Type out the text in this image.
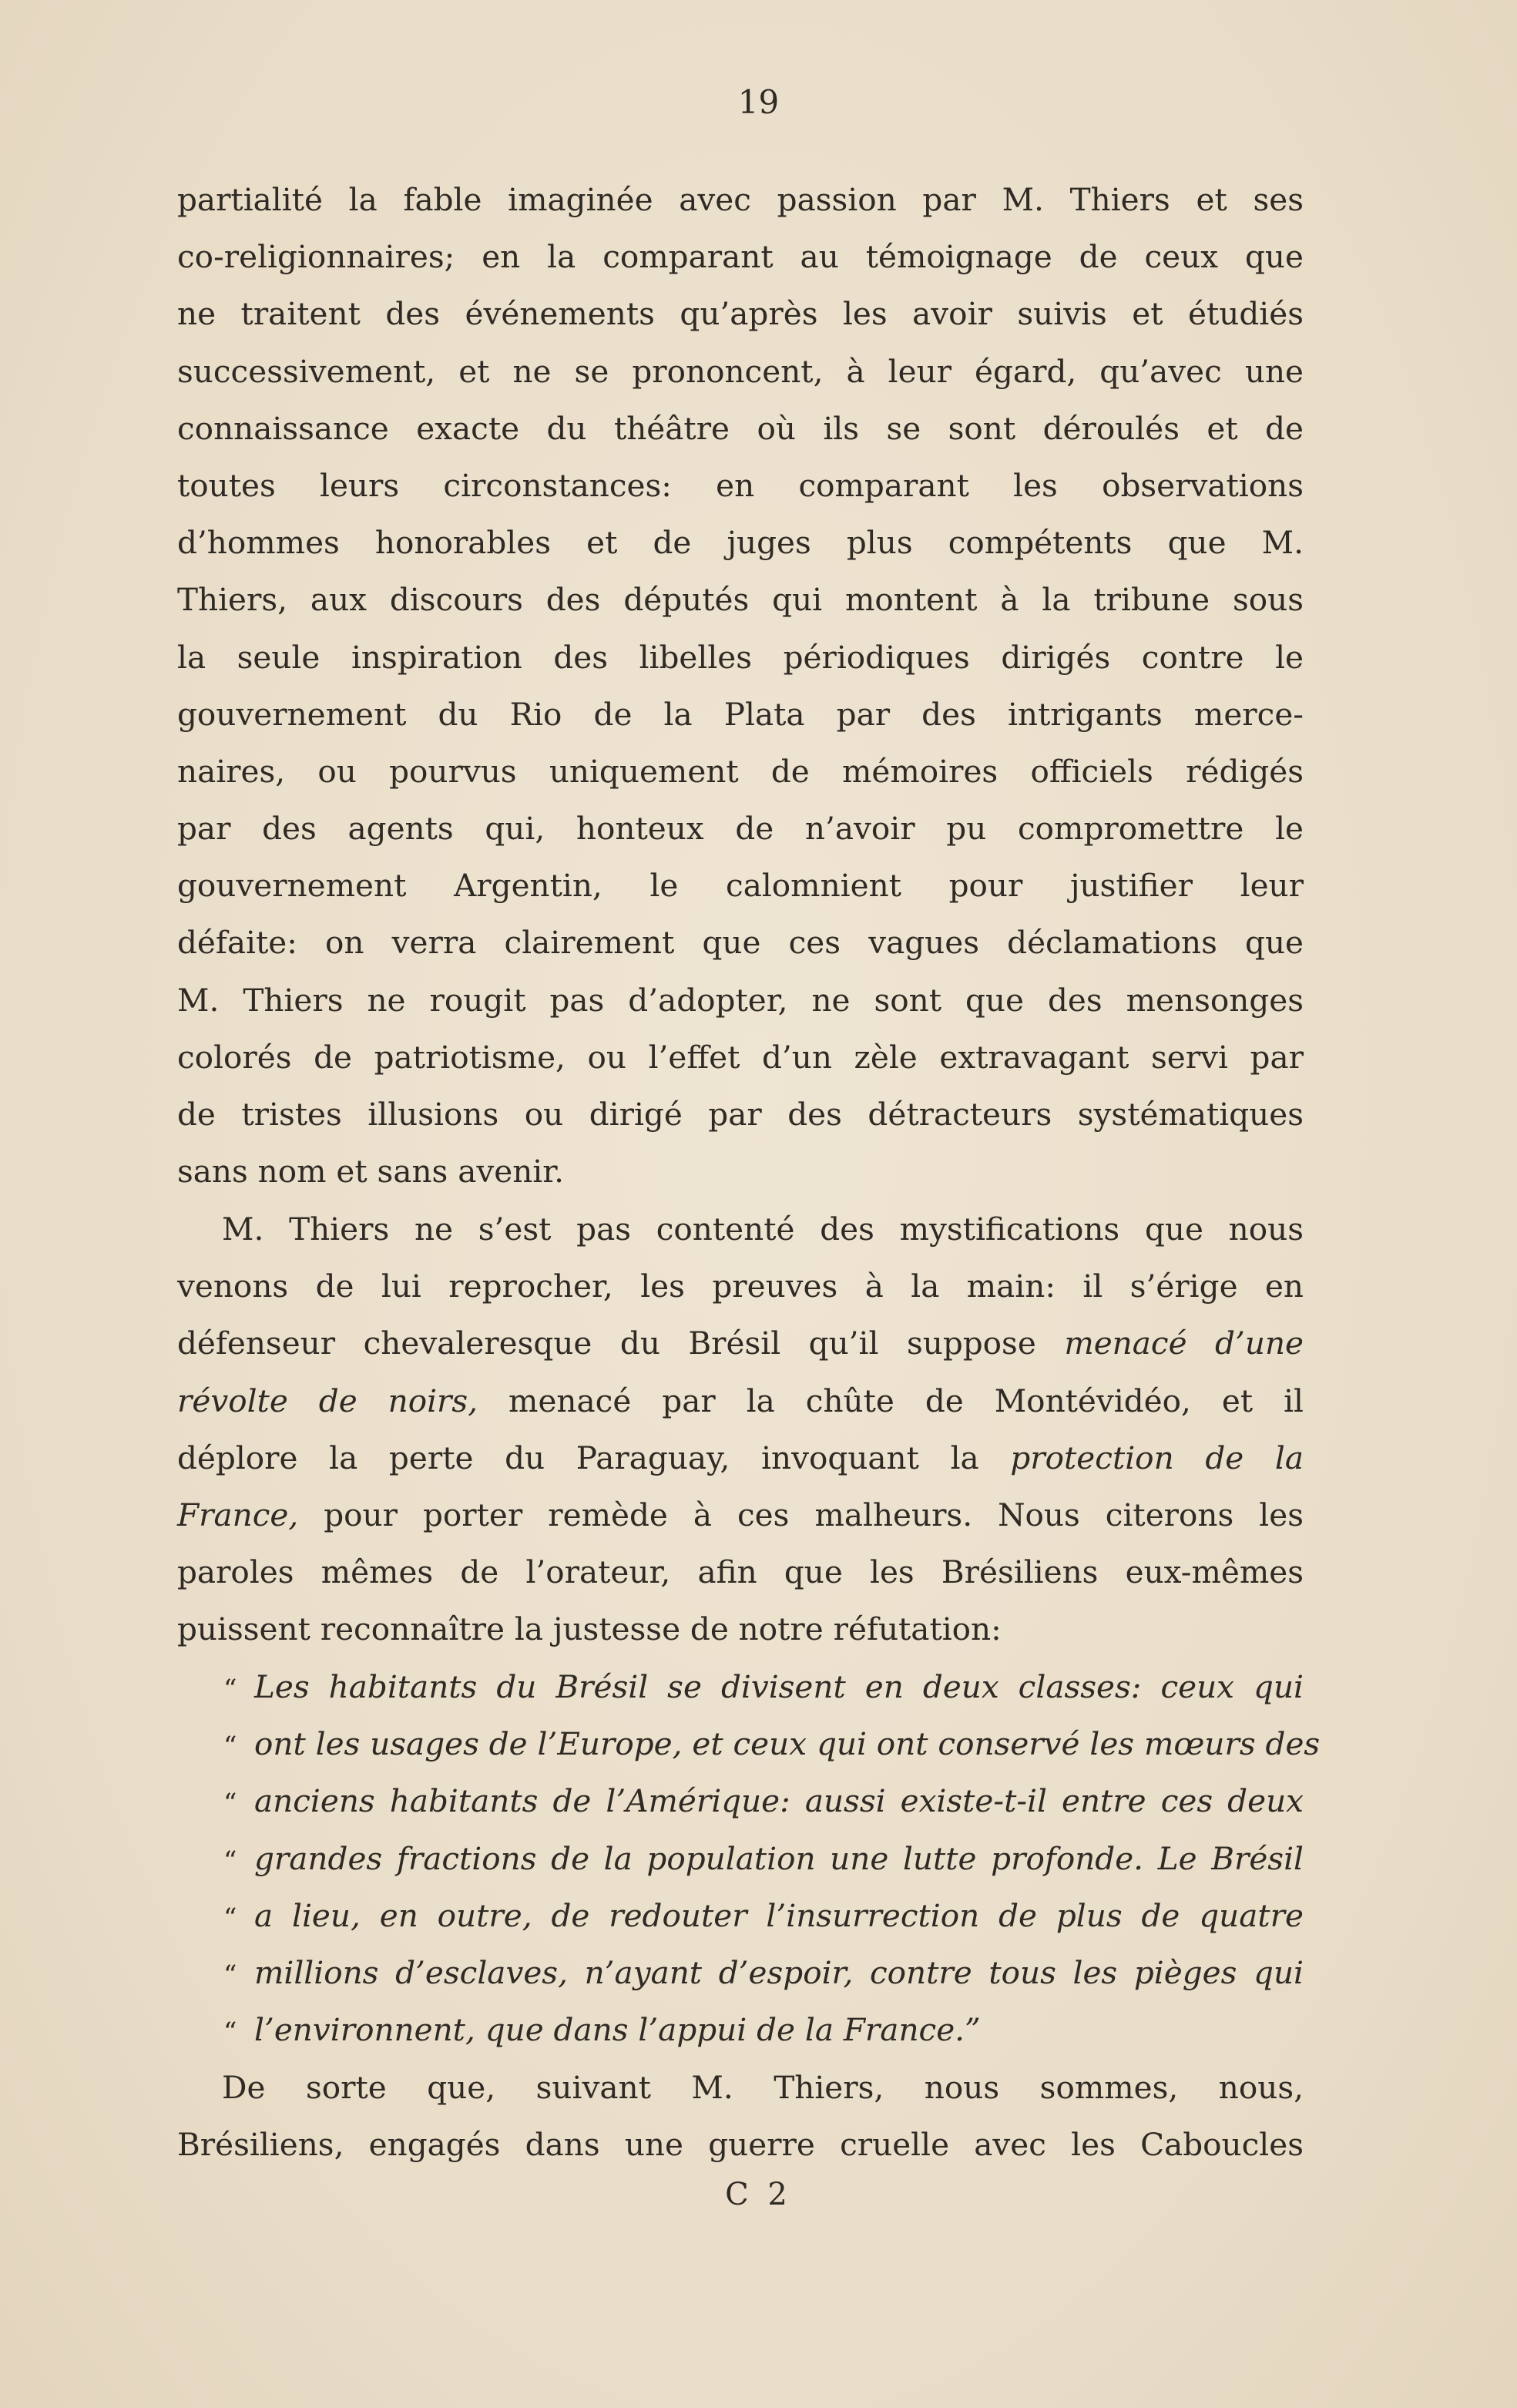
19
partialité la fable imaginée avec passion par M. Thiers et ses
co-religionnaires; en la comparant au témoignage de ceux que
ne traitent des événements qu’après les avoir suivis et étudiés
successivement, et ne se prononcent, à leur égard, qu’avec une
connaissance exacte du théâtre où ils se sont déroulés et de
toutes leurs circonstances: en comparant les observations
d’hommes honorables et de juges plus compétents que M.
Thiers, aux discours des députés qui montent à la tribune sous
la seule inspiration des libelles périodiques dirigés contre le
gouvernement du Rio de la Plata par des intrigants merce-
naires, ou pourvus uniquement de mémoires officiels rédigés
par des agents qui, honteux de n’avoir pu compromettre le
gouvernement Argentin, le calomnient pour justifier leur
défaite: on verra clairement que ces vagues déclamations que
M. Thiers ne rougit pas d’adopter, ne sont que des mensonges
colorés de patriotisme, ou l’effet d’un zèle extravagant servi par
de tristes illusions ou dirigé par des détracteurs systématiques
sans nom et sans avenir.
M. Thiers ne s’est pas contenté des mystifications que nous
venons de lui reprocher, les preuves à la main: il s’érige en
défenseur chevaleresque du Brésil qu’il suppose menacé d’une
révolte de noirs, menacé par la chûte de Montévidéo, et il
déplore la perte du Paraguay, invoquant la protection de la
France, pour porter remède à ces malheurs. Nous citerons les
paroles mêmes de l’orateur, afin que les Brésiliens eux-mêmes
puissent reconnaître la justesse de notre réfutation:
“ Les habitants du Brésil se divisent en deux classes: ceux qui
“ ont les usages de l’Europe, et ceux qui ont conservé les mœurs des
“ anciens habitants de l’Amérique: aussi existe-t-il entre ces deux
“ grandes fractions de la population une lutte profonde. Le Brésil
“ a lieu, en outre, de redouter l’insurrection de plus de quatre
“ millions d’esclaves, n’ayant d’espoir, contre tous les pièges qui
“ l’environnent, que dans l’appui de la France.”
De sorte que, suivant M. Thiers, nous sommes, nous,
Brésiliens, engagés dans une guerre cruelle avec les Caboucles
C 2
